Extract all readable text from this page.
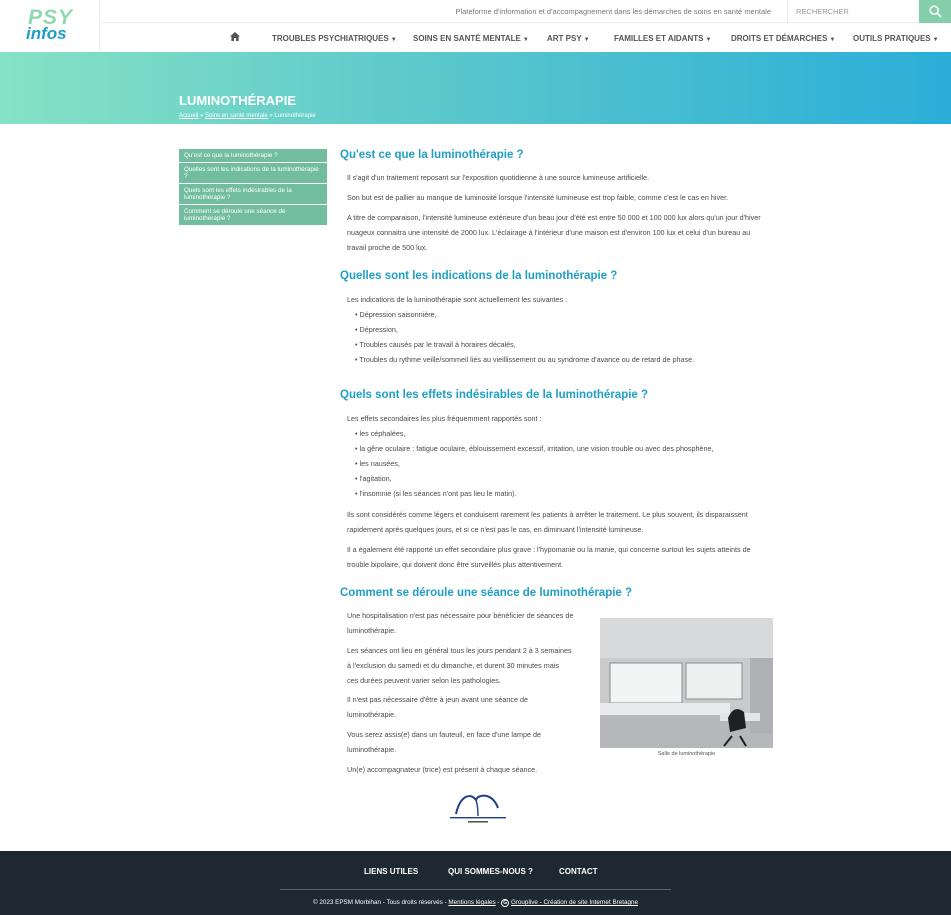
PSY
infos
Plateforme d'information et d'accompagnement dans les démarches de soins en santé mentale	RECHERCHER
TROUBLES PSYCHIATRIQUES ▼ SOINS EN SANTÉ MENTALE ▼ ART PSY ▼	FAMILLES ET AIDANTS ▼ DROITS ET DÉMARCHES ▼ OUTILS PRATIQUES ▼
LUMINOTHÉRAPIE
Accueil » Soins en santé mentale » Luminothérapie
Qu'est ce que la luminothérapie ?
Quelles sont les indications de la luminothérapie ?
Quels sont les effets indésirables de la luminothérapie ?
Comment se déroule une séance de luminothérapie ?
Qu'est ce que la luminothérapie ?
Il s'agit d'un traitement reposant sur l'exposition quotidienne à une source lumineuse artificielle.
Son but est de pallier au manque de luminosité lorsque l'intensité lumineuse est trop faible, comme c'est le cas en hiver.
A titre de comparaison, l'intensité lumineuse extérieure d'un beau jour d'été est entre 50 000 et 100 000 lux alors qu'un jour d'hiver nuageux connaitra une intensité de 2000 lux. L'éclairage à l'intérieur d'une maison est d'environ 100 lux et celui d'un bureau au travail proche de 500 lux.
Quelles sont les indications de la luminothérapie ?
Les indications de la luminothérapie sont actuellement les suivantes :
• Dépression saisonnière,
• Dépression,
• Troubles causés par le travail à horaires décalés,
• Troubles du rythme veille/sommeil liés au vieillissement ou au syndrome d'avance ou de retard de phase.
Quels sont les effets indésirables de la luminothérapie ?
Les effets secondaires les plus fréquemment rapportés sont :
• les céphalées,
• la gêne oculaire : fatigue oculaire, éblouissement excessif, irritation, une vision trouble ou avec des phosphène,
• les nausées,
• l'agitation,
• l'insomnie (si les séances n'ont pas lieu le matin).
Ils sont considérés comme légers et conduisent rarement les patients à arrêter le traitement. Le plus souvent, ils disparaissent rapidement après quelques jours, et si ce n'est pas le cas, en diminuant l'intensité lumineuse.
Il a également été rapporté un effet secondaire plus grave : l'hypomanie ou la manie, qui concerne surtout les sujets atteints de trouble bipolaire, qui doivent donc être surveillés plus attentivement.
Comment se déroule une séance de luminothérapie ?
Une hospitalisation n'est pas nécessaire pour bénéficier de séances de luminothérapie.
Les séances ont lieu en général tous les jours pendant 2 à 3 semaines à l'exclusion du samedi et du dimanche, et durent 30 minutes mais ces durées peuvent varier selon les pathologies.
Il n'est pas nécessaire d'être à jeun avant une séance de luminothérapie.
Vous serez assis(e) dans un fauteuil, en face d'une lampe de luminothérapie.
Un(e) accompagnateur (trice) est présent à chaque séance.
Salle de luminothérapie
LIENS UTILES	QUI SOMMES-NOUS ?	CONTACT
© 2023 EPSM Morbihan - Tous droits réservés - Mentions légales - G Grouplive - Création de site Internet Bretagne
